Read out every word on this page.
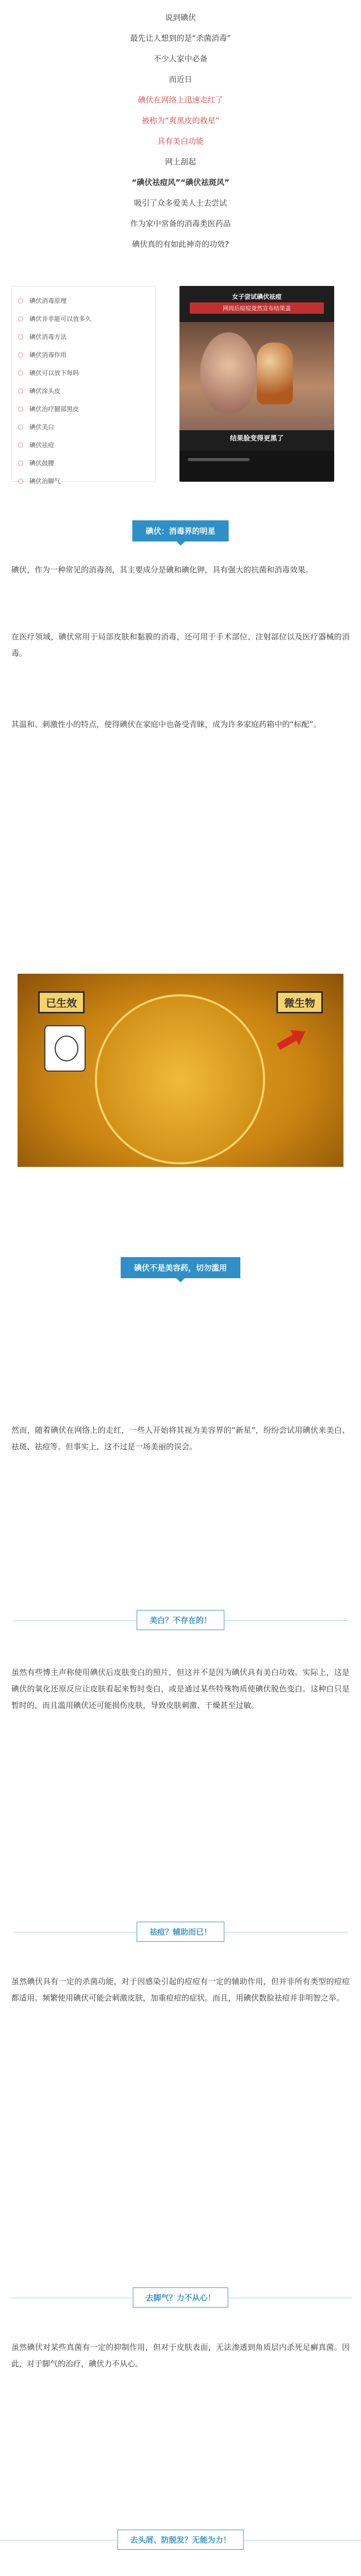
说到碘伏

最先让人想到的是“杀菌消毒”

不少人家中必备

而近日

碘伏在网络上迅速走红了

被称为“爽黑皮的救星”

具有美白功能

网上刮起

“碘伏祛痘风”“碘伏祛斑风”

吸引了众多爱美人士去尝试

作为家中常备的消毒类医药品

碘伏真的有如此神奇的功效?

碘伏消毒原理
碘伏并非能可以放多久
碘伏消毒方法
碘伏消毒作用
碘伏可以放下每吗
碘伏涂头皮
碘伏治疗腿部黑皮
碘伏美白
碘伏祛痘
碘伏鼓腰
碘伏治脚气
女子尝试碘伏祛痘
网周后痘痘竟然宣布结果盖
结果脸变得更黑了
碘伏：消毒界的明星
碘伏，作为一种常见的消毒剂，其主要成分是碘和碘化钾，具有强大的抗菌和消毒效果。
在医疗领域，碘伏常用于局部皮肤和黏膜的消毒，还可用于手术部位、注射部位以及医疗器械的消毒。
其温和、刺激性小的特点，使得碘伏在家庭中也备受青睐，成为许多家庭药箱中的“标配”。
已生效	微生物
碘伏不是美容药，切勿滥用
然而，随着碘伏在网络上的走红，一些人开始将其视为美容界的“新星”，纷纷尝试用碘伏来美白、祛斑、祛痘等。但事实上，这不过是一场美丽的误会。
美白？不存在的！
虽然有些博主声称使用碘伏后皮肤变白的照片，但这并不是因为碘伏具有美白功效。实际上，这是碘伏的氧化还原反应让皮肤看起来暂时变白，或是通过某些特殊物质使碘伏脱色变白。这种白只是暂时的，而且滥用碘伏还可能损伤皮肤，导致皮肤刺激、干燥甚至过敏。
祛痘？辅助而已！
虽然碘伏具有一定的杀菌功能，对于因感染引起的痘痘有一定的辅助作用，但并非所有类型的痘痘都适用。频繁使用碘伏可能会刺激皮肤，加重痘痘的症状。而且，用碘伏数脸祛痘并非明智之举。
去脚气？力不从心！
虽然碘伏对某些真菌有一定的抑制作用，但对于皮肤表面，无法渗透到角质层内杀死足癣真菌。因此，对于脚气的治疗，碘伏力不从心。
去头屑、防脱发？无能为力！
